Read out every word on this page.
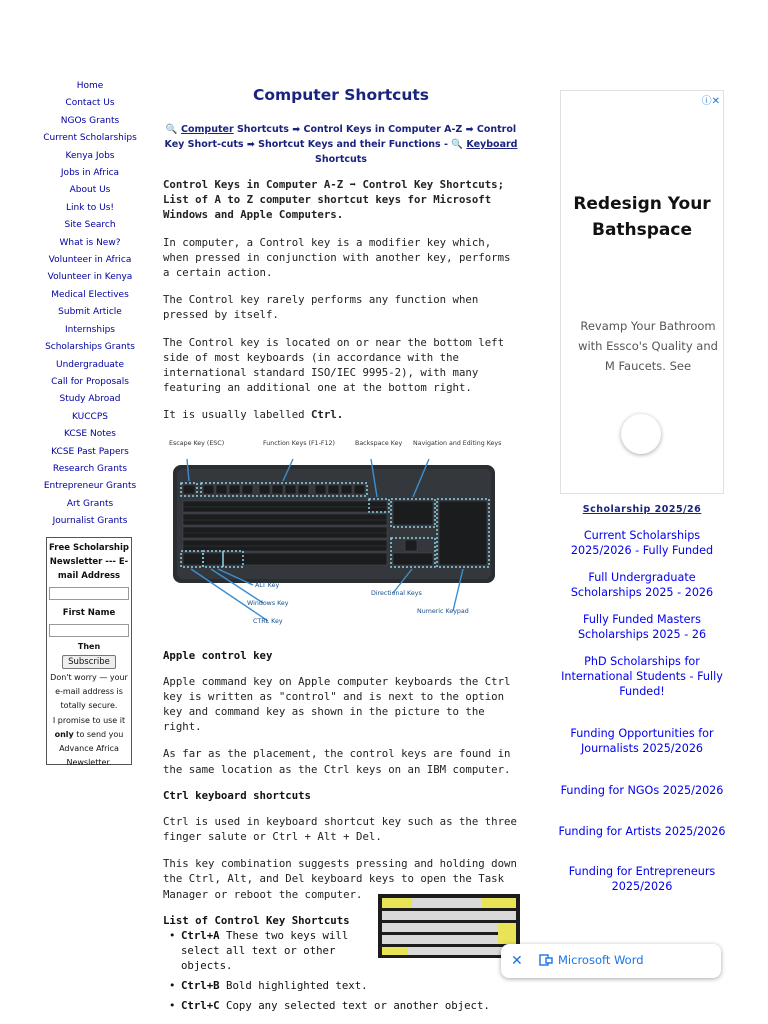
Home
Contact Us
NGOs Grants
Current Scholarships
Kenya Jobs
Jobs in Africa
About Us
Link to Us!
Site Search
What is New?
Volunteer in Africa
Volunteer in Kenya
Medical Electives
Submit Article
Internships
Scholarships Grants
Undergraduate
Call for Proposals
Study Abroad
KUCCPS
KCSE Notes
KCSE Past Papers
Research Grants
Entrepreneur Grants
Art Grants
Journalist Grants
Free Scholarship Newsletter --- E-mail Address
First Name
Then
Subscribe
Don't worry — your e-mail address is totally secure.
I promise to use it only to send you Advance Africa Newsletter.
Computer Shortcuts
🔍 Computer Shortcuts ➡ Control Keys in Computer A-Z ➡ Control Key Short-cuts ➡ Shortcut Keys and their Functions - 🔍 Keyboard Shortcuts

Control Keys in Computer A-Z ➡ Control Key Shortcuts; List of A to Z computer shortcut keys for Microsoft Windows and Apple Computers.

In computer, a Control key is a modifier key which, when pressed in conjunction with another key, performs a certain action.

The Control key rarely performs any function when pressed by itself.

The Control key is located on or near the bottom left side of most keyboards (in accordance with the international standard ISO/IEC 9995-2), with many featuring an additional one at the bottom right.

It is usually labelled Ctrl.

Escape Key (ESC)	Function Keys (F1-F12)	Backspace Key Navigation and Editing Keys
ALT Key
Windows Key
CTRL Key
Directional Keys
Numeric Keypad

Apple control key

Apple command key on Apple computer keyboards the Ctrl key is written as "control" and is next to the option key and command key as shown in the picture to the right.

As far as the placement, the control keys are found in the same location as the Ctrl keys on an IBM computer.

Ctrl keyboard shortcuts

Ctrl is used in keyboard shortcut key such as the three finger salute or Ctrl + Alt + Del.

This key combination suggests pressing and holding down the Ctrl, Alt, and Del keyboard keys to open the Task Manager or reboot the computer.

List of Control Key Shortcuts

• Ctrl+A These two keys will select all text or other objects.
• Ctrl+B Bold highlighted text.
• Ctrl+C Copy any selected text or another object.
ⓘ✕
Redesign Your Bathspace
Revamp Your Bathroom with Essco's Quality and M Faucets. See
Scholarship 2025/26
Current Scholarships 2025/2026 - Fully Funded
Full Undergraduate Scholarships 2025 - 2026
Fully Funded Masters Scholarships 2025 - 26
PhD Scholarships for International Students - Fully Funded!
Funding Opportunities for Journalists 2025/2026
Funding for NGOs 2025/2026
Funding for Artists 2025/2026
Funding for Entrepreneurs 2025/2026
✕	Microsoft Word
